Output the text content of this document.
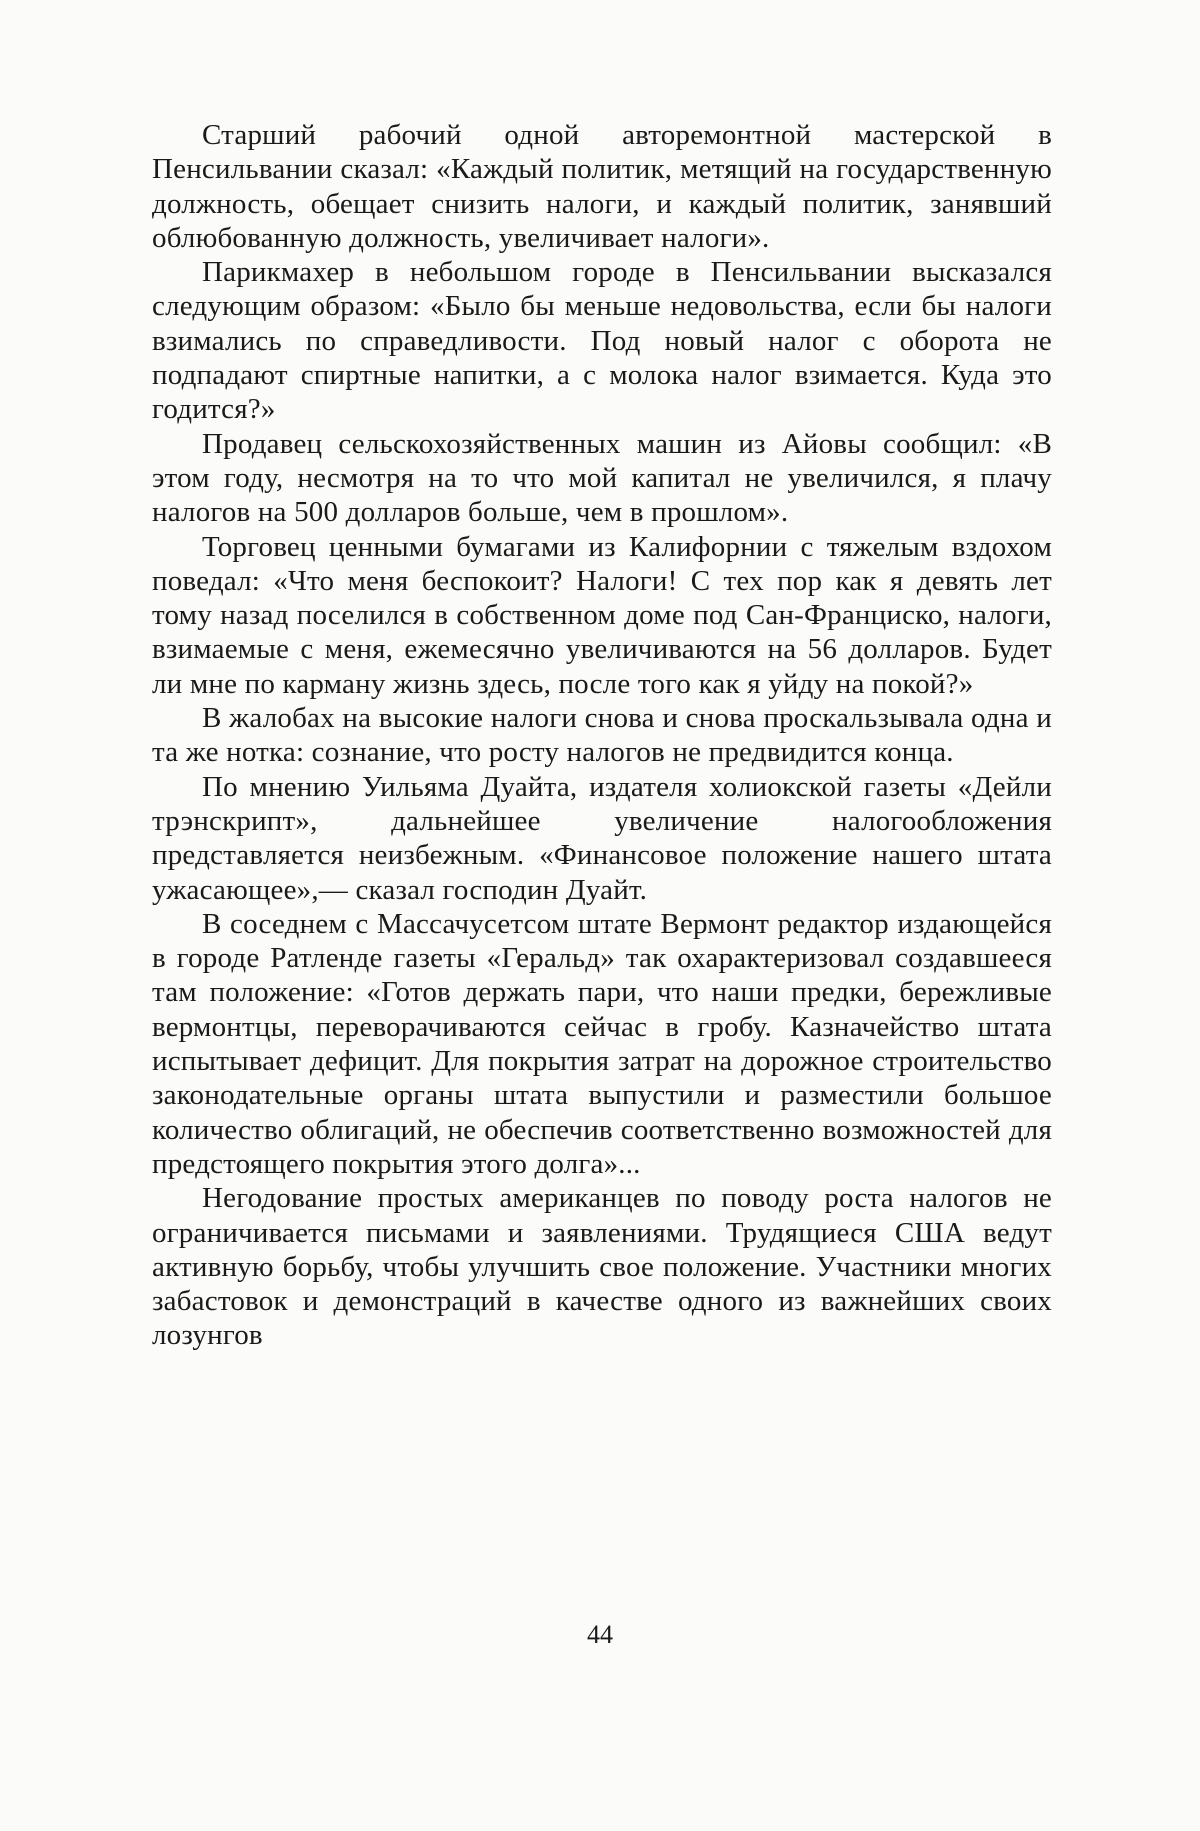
Старший рабочий одной авторемонтной мастерской в Пенсильвании сказал: «Каждый политик, метящий на государственную должность, обещает снизить налоги, и каждый политик, занявший облюбованную должность, увеличивает налоги».

Парикмахер в небольшом городе в Пенсильвании высказался следующим образом: «Было бы меньше недовольства, если бы налоги взимались по справедливости. Под новый налог с оборота не подпадают спиртные напитки, а с молока налог взимается. Куда это годится?»

Продавец сельскохозяйственных машин из Айовы сообщил: «В этом году, несмотря на то что мой капитал не увеличился, я плачу налогов на 500 долларов больше, чем в прошлом».

Торговец ценными бумагами из Калифорнии с тяжелым вздохом поведал: «Что меня беспокоит? Налоги! С тех пор как я девять лет тому назад поселился в собственном доме под Сан-Франциско, налоги, взимаемые с меня, ежемесячно увеличиваются на 56 долларов. Будет ли мне по карману жизнь здесь, после того как я уйду на покой?»

В жалобах на высокие налоги снова и снова проскальзывала одна и та же нотка: сознание, что росту налогов не предвидится конца.

По мнению Уильяма Дуайта, издателя холиокской газеты «Дейли трэнскрипт», дальнейшее увеличение налогообложения представляется неизбежным. «Финансовое положение нашего штата ужасающее»,— сказал господин Дуайт.

В соседнем с Массачусетсом штате Вермонт редактор издающейся в городе Ратленде газеты «Геральд» так охарактеризовал создавшееся там положение: «Готов держать пари, что наши предки, бережливые вермонтцы, переворачиваются сейчас в гробу. Казначейство штата испытывает дефицит. Для покрытия затрат на дорожное строительство законодательные органы штата выпустили и разместили большое количество облигаций, не обеспечив соответственно возможностей для предстоящего покрытия этого долга»...

Негодование простых американцев по поводу роста налогов не ограничивается письмами и заявлениями. Трудящиеся США ведут активную борьбу, чтобы улучшить свое положение. Участники многих забастовок и демонстраций в качестве одного из важнейших своих лозунгов

44
